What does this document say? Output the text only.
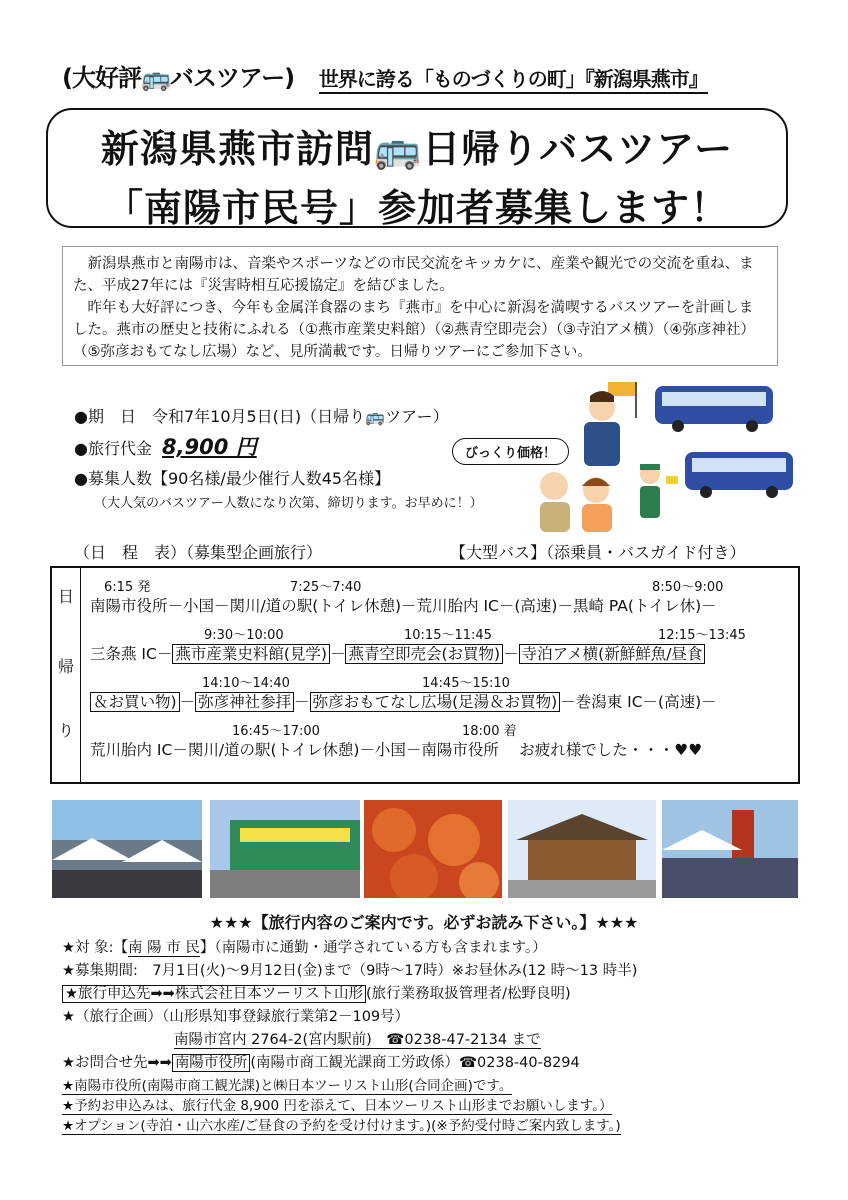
(大好評🚌バスツアー) 世界に誇る「ものづくりの町」『新潟県燕市』
新潟県燕市訪問🚌日帰りバスツアー
「南陽市民号」参加者募集します！

新潟県燕市と南陽市は、音楽やスポーツなどの市民交流をキッカケに、産業や観光での交流を重ね、また、平成27年には『災害時相互応援協定』を結びました。

昨年も大好評につき、今年も金属洋食器のまち『燕市』を中心に新潟を満喫するバスツアーを計画しました。燕市の歴史と技術にふれる（①燕市産業史料館）（②燕青空即売会）（③寺泊アメ横）（④弥彦神社）（⑤弥彦おもてなし広場）など、見所満載です。日帰りツアーにご参加下さい。

●期　日　令和7年10月5日(日)（日帰り🚌ツアー）
●旅行代金 8,900 円
●募集人数【90名様/最少催行人数45名様】
（大人気のバスツアー人数になり次第、締切ります。お早めに！）
びっくり価格！
（日　程　表）（募集型企画旅行）	【大型バス】（添乗員・バスガイド付き）
日
帰
り
6:15 発	7:25～7:40	8:50～9:00
南陽市役所－小国－関川/道の駅(トイレ休憩)－荒川胎内 IC－(高速)－黒崎 PA(トイレ休)－
9:30～10:00	10:15～11:45	12:15～13:45
三条燕 IC－ 燕市産業史料館(見学) － 燕青空即売会(お買物) － 寺泊アメ横(新鮮鮮魚/昼食
14:10～14:40	14:45～15:10
＆お買い物) － 弥彦神社参拝 － 弥彦おもてなし広場(足湯＆お買物) －巻潟東 IC－(高速)－
16:45～17:00	18:00 着
荒川胎内 IC－関川/道の駅(トイレ休憩)－小国－南陽市役所　 お疲れ様でした・・・♥♥
★★★【旅行内容のご案内です。必ずお読み下さい。】★★★
★対 象:【南 陽 市 民】（南陽市に通勤・通学されている方も含まれます。）
★募集期間:　7月1日(火)～9月12日(金)まで（9時～17時）※お昼休み(12 時～13 時半)
★旅行申込先➡➡株式会社日本ツーリスト山形 (旅行業務取扱管理者/松野良明)
★（旅行企画）（山形県知事登録旅行業第2－109号）
南陽市宮内 2764-2(宮内駅前)　☎0238-47-2134 まで
★お問合せ先➡➡ 南陽市役所 (南陽市商工観光課商工労政係）☎0238-40-8294
★南陽市役所(南陽市商工観光課)と㈱日本ツーリスト山形(合同企画)です。
★予約お申込みは、旅行代金 8,900 円を添えて、日本ツーリスト山形までお願いします。）
★オプション(寺泊・山六水産/ご昼食の予約を受け付けます。)(※予約受付時ご案内致します。)
